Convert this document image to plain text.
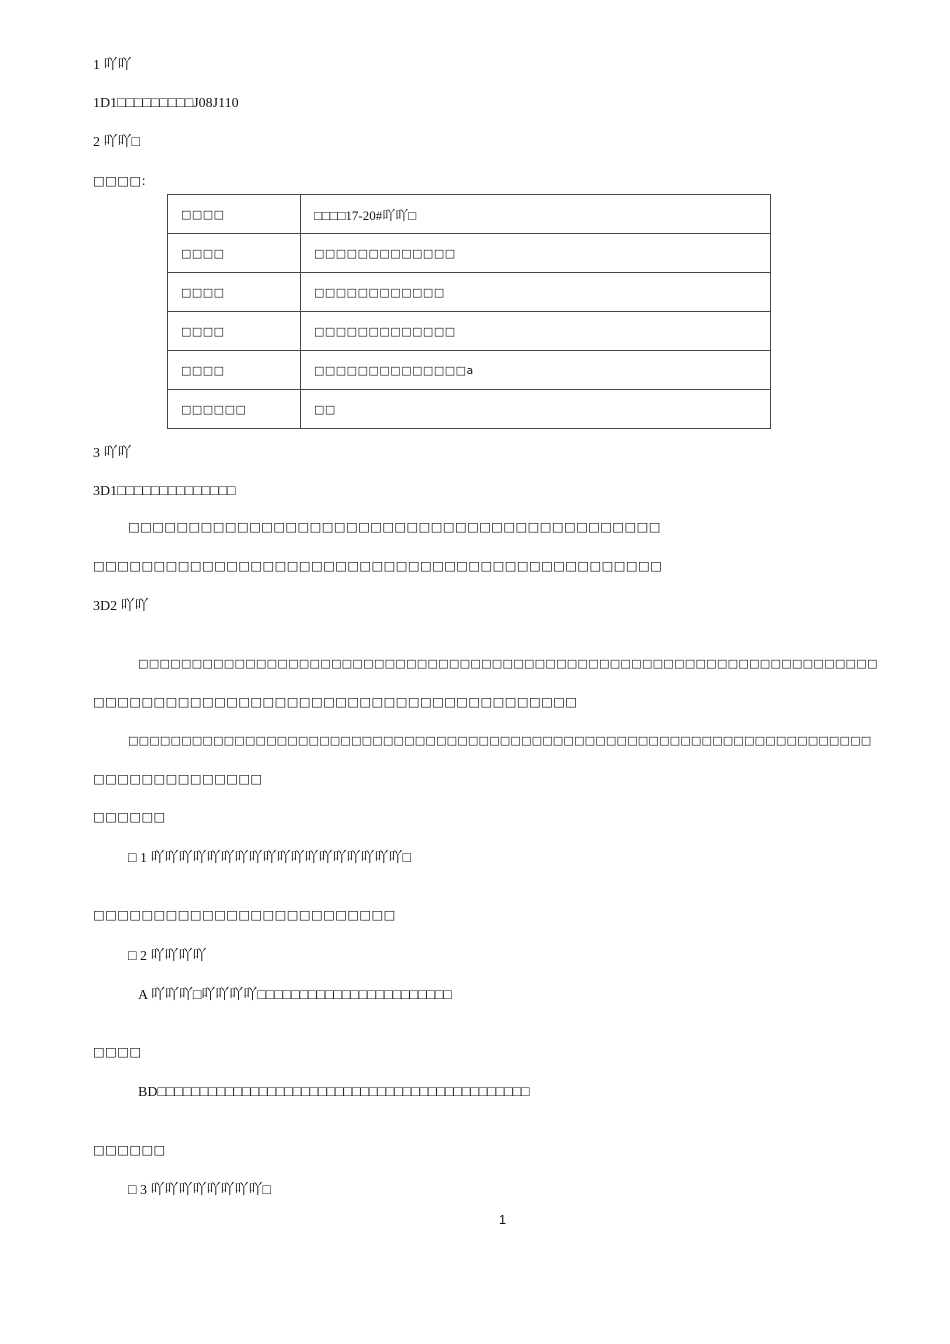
1 吖吖
1D1□□□□□□□□□J08J110
2 吖吖□
□□□□:
□□□□	□□□□17-20#吖吖□
□□□□	□□□□□□□□□□□□□
□□□□	□□□□□□□□□□□□
□□□□	□□□□□□□□□□□□□
□□□□	□□□□□□□□□□□□□□a
□□□□□□	□□
3 吖吖
3D1□□□□□□□□□□□□□□
□□□□□□□□□□□□□□□□□□□□□□□□□□□□□□□□□□□□□□□□□□□□
□□□□□□□□□□□□□□□□□□□□□□□□□□□□□□□□□□□□□□□□□□□□□□□
3D2 吖吖
□□□□□□□□□□□□□□□□□□□□□□□□□□□□□□□□□□□□□□□□□□□□□□□□□□□□□□□□□□□□□□□□□□□□□
□□□□□□□□□□□□□□□□□□□□□□□□□□□□□□□□□□□□□□□□
□□□□□□□□□□□□□□□□□□□□□□□□□□□□□□□□□□□□□□□□□□□□□□□□□□□□□□□□□□□□□□□□□□□□□□
□□□□□□□□□□□□□□
□□□□□□
□ 1 吖吖吖吖吖吖吖吖吖吖吖吖吖吖吖吖吖吖□
□□□□□□□□□□□□□□□□□□□□□□□□□
□ 2 吖吖吖吖
A 吖吖吖□吖吖吖吖□□□□□□□□□□□□□□□□□□□□□□□
□□□□
BD□□□□□□□□□□□□□□□□□□□□□□□□□□□□□□□□□□□□□□□□□□□□
□□□□□□
□ 3 吖吖吖吖吖吖吖吖□
1
